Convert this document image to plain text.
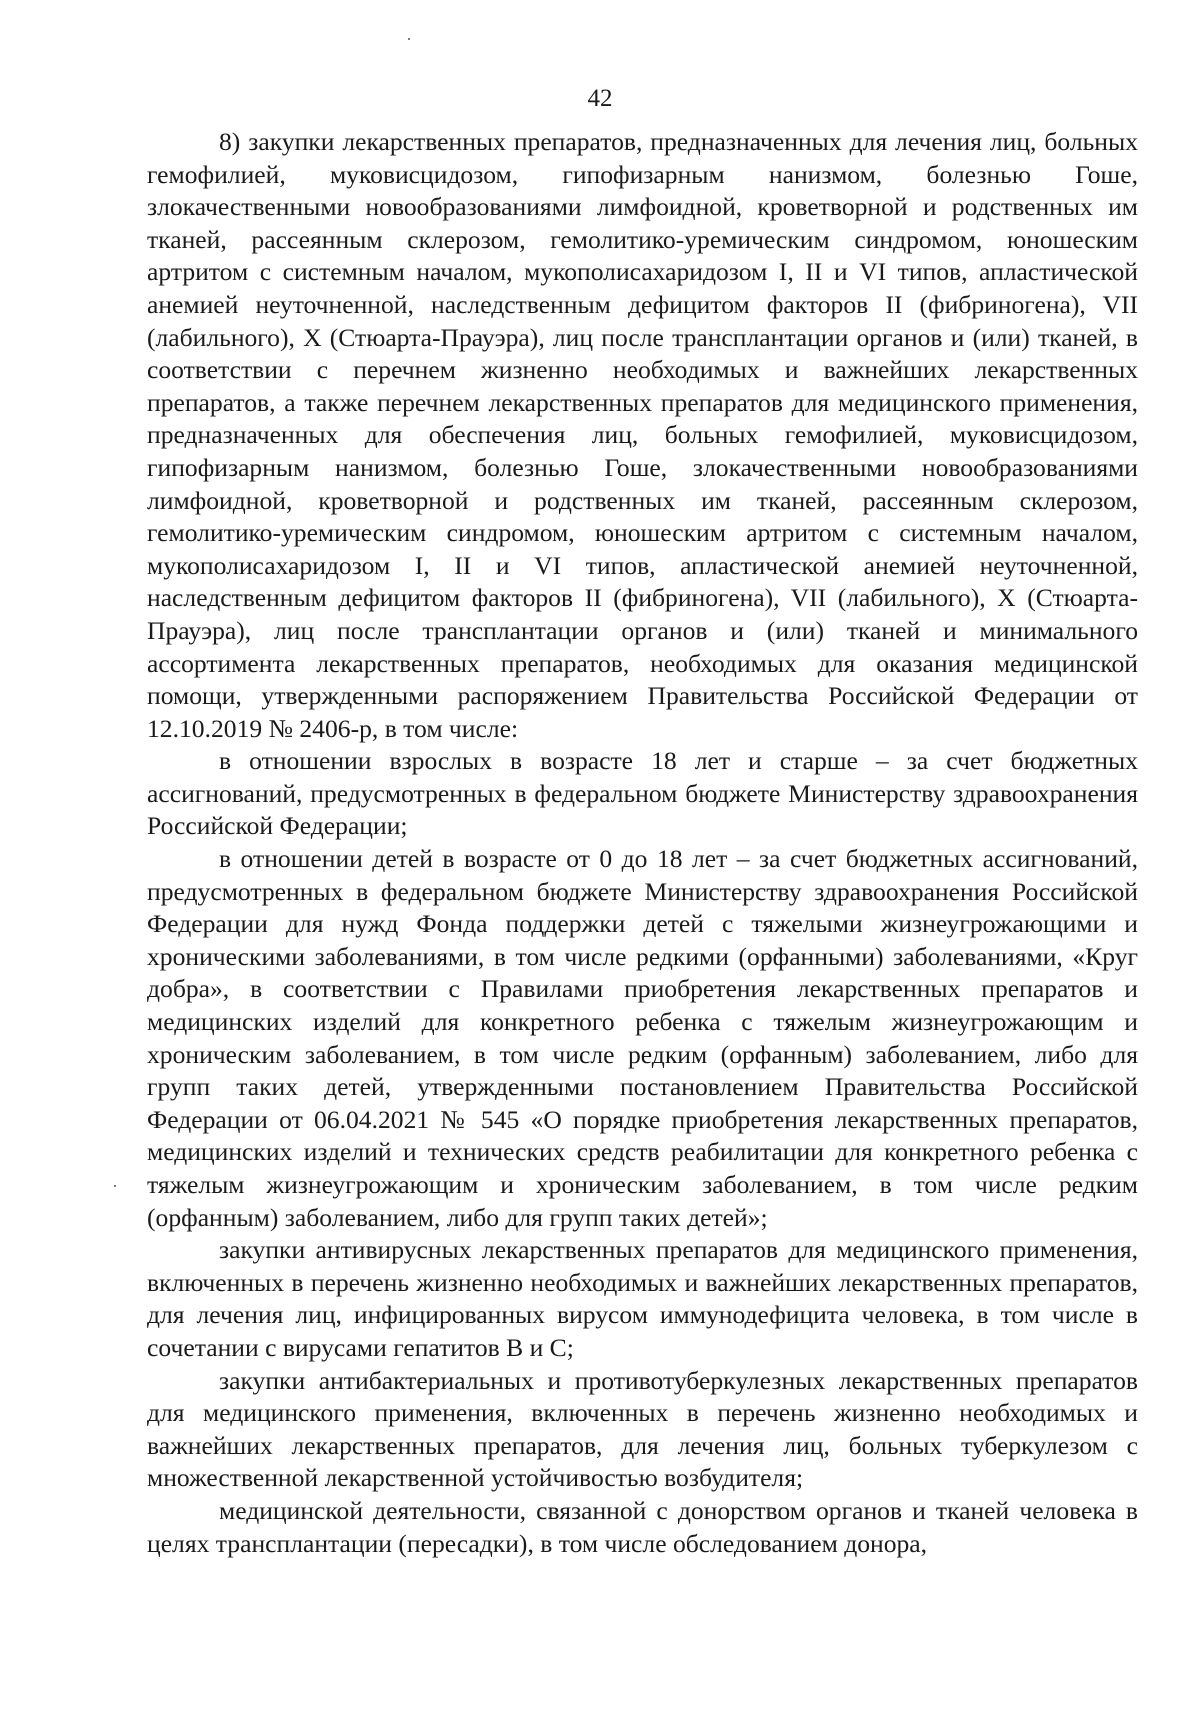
42

8) закупки лекарственных препаратов, предназначенных для лечения лиц, больных гемофилией, муковисцидозом, гипофизарным нанизмом, болезнью Гоше, злокачественными новообразованиями лимфоидной, кроветворной и родственных им тканей, рассеянным склерозом, гемолитико-уремическим синдромом, юношеским артритом с системным началом, мукополисахаридозом I, II и VI типов, апластической анемией неуточненной, наследственным дефицитом факторов II (фибриногена), VII (лабильного), X (Стюарта-Прауэра), лиц после трансплантации органов и (или) тканей, в соответствии с перечнем жизненно необходимых и важнейших лекарственных препаратов, а также перечнем лекарственных препаратов для медицинского применения, предназначенных для обеспечения лиц, больных гемофилией, муковисцидозом, гипофизарным нанизмом, болезнью Гоше, злокачественными новообразованиями лимфоидной, кроветворной и родственных им тканей, рассеянным склерозом, гемолитико-уремическим синдромом, юношеским артритом с системным началом, мукополисахаридозом I, II и VI типов, апластической анемией неуточненной, наследственным дефицитом факторов II (фибриногена), VII (лабильного), X (Стюарта-Прауэра), лиц после трансплантации органов и (или) тканей и минимального ассортимента лекарственных препаратов, необходимых для оказания медицинской помощи, утвержденными распоряжением Правительства Российской Федерации от 12.10.2019 № 2406-р, в том числе:

в отношении взрослых в возрасте 18 лет и старше – за счет бюджетных ассигнований, предусмотренных в федеральном бюджете Министерству здравоохранения Российской Федерации;

в отношении детей в возрасте от 0 до 18 лет – за счет бюджетных ассигнований, предусмотренных в федеральном бюджете Министерству здравоохранения Российской Федерации для нужд Фонда поддержки детей с тяжелыми жизнеугрожающими и хроническими заболеваниями, в том числе редкими (орфанными) заболеваниями, «Круг добра», в соответствии с Правилами приобретения лекарственных препаратов и медицинских изделий для конкретного ребенка с тяжелым жизнеугрожающим и хроническим заболеванием, в том числе редким (орфанным) заболеванием, либо для групп таких детей, утвержденными постановлением Правительства Российской Федерации от 06.04.2021 № 545 «О порядке приобретения лекарственных препаратов, медицинских изделий и технических средств реабилитации для конкретного ребенка с тяжелым жизнеугрожающим и хроническим заболеванием, в том числе редким (орфанным) заболеванием, либо для групп таких детей»;

закупки антивирусных лекарственных препаратов для медицинского применения, включенных в перечень жизненно необходимых и важнейших лекарственных препаратов, для лечения лиц, инфицированных вирусом иммунодефицита человека, в том числе в сочетании с вирусами гепатитов B и C;

закупки антибактериальных и противотуберкулезных лекарственных препаратов для медицинского применения, включенных в перечень жизненно необходимых и важнейших лекарственных препаратов, для лечения лиц, больных туберкулезом с множественной лекарственной устойчивостью возбудителя;

медицинской деятельности, связанной с донорством органов и тканей человека в целях трансплантации (пересадки), в том числе обследованием донора,
